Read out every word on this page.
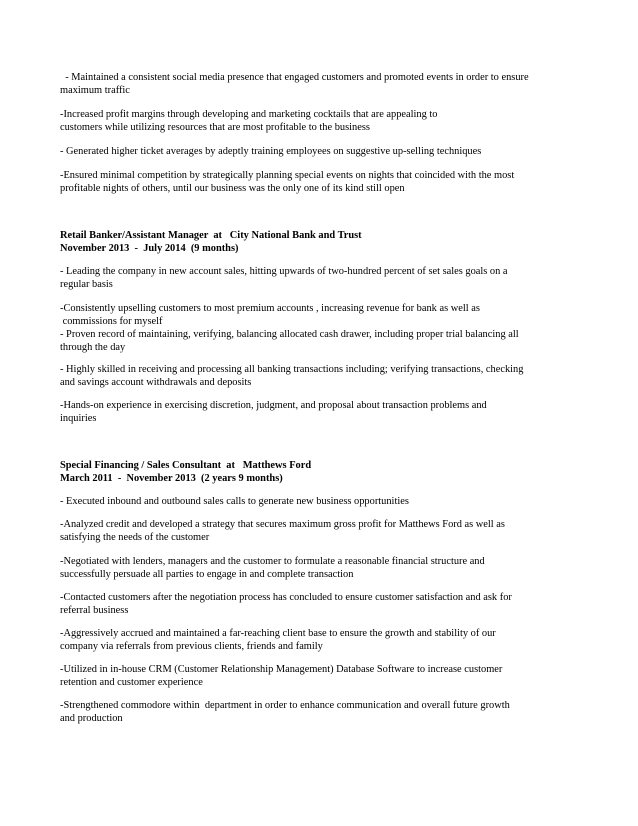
- Maintained a consistent social media presence that engaged customers and promoted events in order to ensure
maximum traffic

-Increased profit margins through developing and marketing cocktails that are appealing to
customers while utilizing resources that are most profitable to the business

- Generated higher ticket averages by adeptly training employees on suggestive up-selling techniques

-Ensured minimal competition by strategically planning special events on nights that coincided with the most
profitable nights of others, until our business was the only one of its kind still open

Retail Banker/Assistant Manager  at   City National Bank and Trust

November 2013  -  July 2014  (9 months)

- Leading the company in new account sales, hitting upwards of two-hundred percent of set sales goals on a
regular basis

-Consistently upselling customers to most premium accounts , increasing revenue for bank as well as
commissions for myself
- Proven record of maintaining, verifying, balancing allocated cash drawer, including proper trial balancing all
through the day

- Highly skilled in receiving and processing all banking transactions including; verifying transactions, checking
and savings account withdrawals and deposits

-Hands-on experience in exercising discretion, judgment, and proposal about transaction problems and
inquiries

Special Financing / Sales Consultant  at   Matthews Ford

March 2011  -  November 2013  (2 years 9 months)

- Executed inbound and outbound sales calls to generate new business opportunities

-Analyzed credit and developed a strategy that secures maximum gross profit for Matthews Ford as well as
satisfying the needs of the customer

-Negotiated with lenders, managers and the customer to formulate a reasonable financial structure and
successfully persuade all parties to engage in and complete transaction

-Contacted customers after the negotiation process has concluded to ensure customer satisfaction and ask for
referral business

-Aggressively accrued and maintained a far-reaching client base to ensure the growth and stability of our
company via referrals from previous clients, friends and family

-Utilized in in-house CRM (Customer Relationship Management) Database Software to increase customer
retention and customer experience

-Strengthened commodore within  department in order to enhance communication and overall future growth
and production
